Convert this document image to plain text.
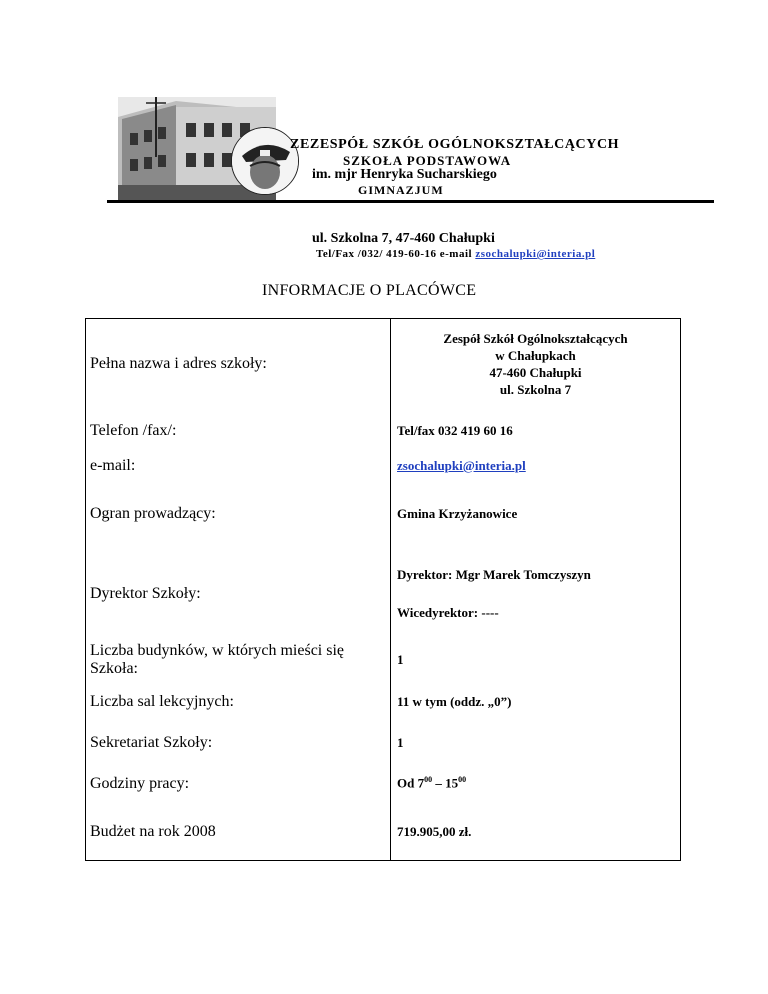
ZEZESPÓŁ SZKÓŁ OGÓLNOKSZTAŁCĄCYCH
SZKOŁA PODSTAWOWA
im. mjr Henryka Sucharskiego
GIMNAZJUM
ul. Szkolna 7, 47-460 Chałupki
Tel/Fax /032/ 419-60-16 e-mail zsochalupki@interia.pl
INFORMACJE O PLACÓWCE
Pełna nazwa i adres szkoły:	Zespół Szkół Ogólnokształcących
w Chałupkach
47-460 Chałupki
ul. Szkolna 7

Telefon /fax/:	Tel/fax 032 419 60 16
e-mail:	zsochalupki@interia.pl
Ogran prowadzący:	Gmina Krzyżanowice
Dyrektor Szkoły:	Dyrektor: Mgr Marek Tomczyszyn
Wicedyrektor: ----

Liczba budynków, w których mieści się Szkoła:	1
Liczba sal lekcyjnych:	11 w tym (oddz. „0”)
Sekretariat Szkoły:	1
Godziny pracy:	Od $7^{00} - 15^{00}$
Budżet na rok 2008	719.905,00 zł.
